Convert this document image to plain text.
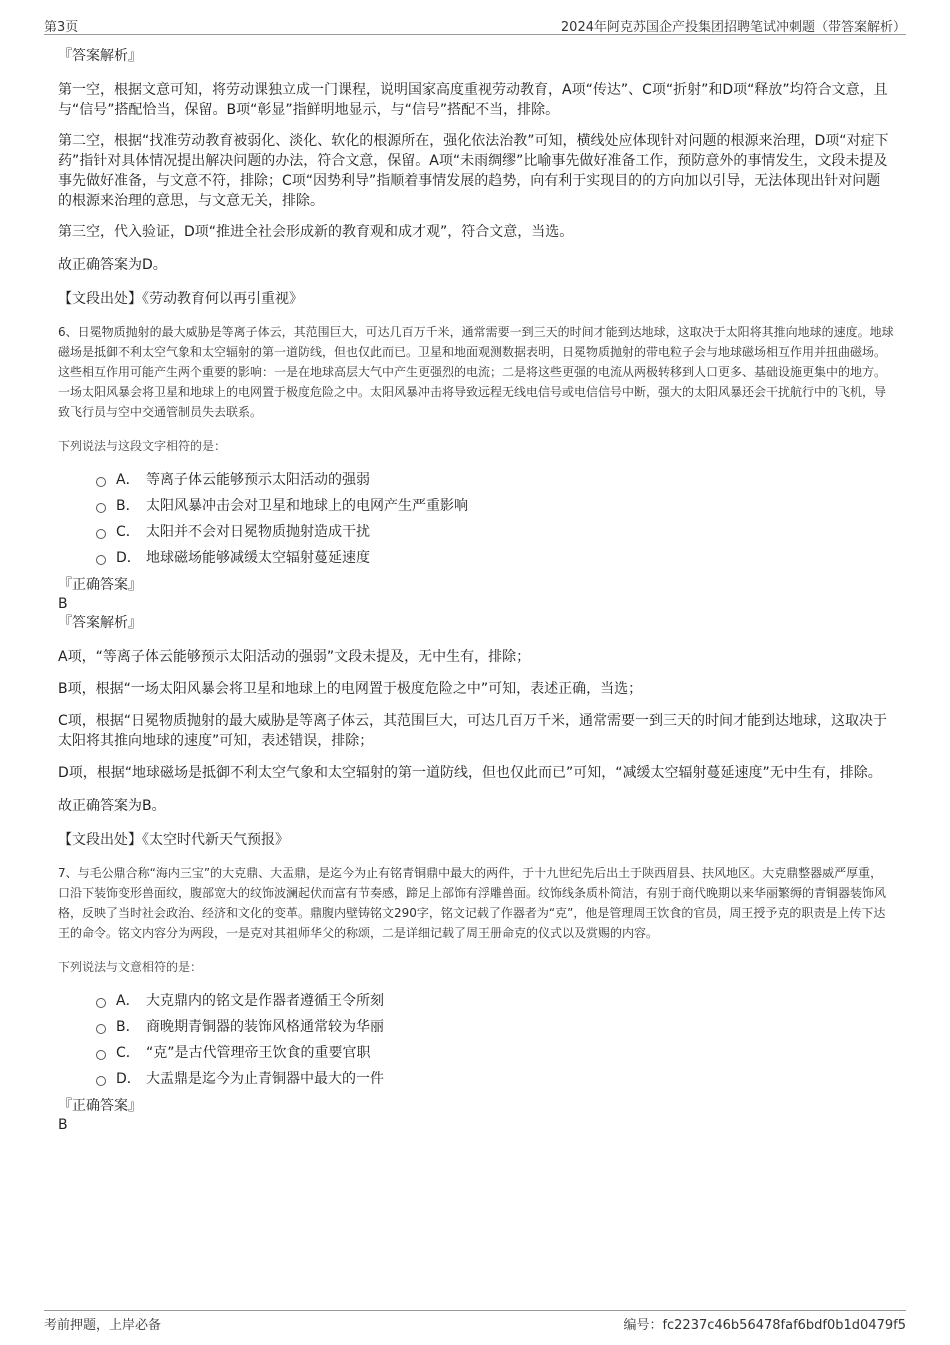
第3页	2024年阿克苏国企产投集团招聘笔试冲刺题（带答案解析）

『答案解析』

第一空，根据文意可知，将劳动课独立成一门课程，说明国家高度重视劳动教育，A项“传达”、C项“折射”和D项“释放”均符合文意，且与“信号”搭配恰当，保留。B项“彰显”指鲜明地显示，与“信号”搭配不当，排除。

第二空，根据“找准劳动教育被弱化、淡化、软化的根源所在，强化依法治教”可知，横线处应体现针对问题的根源来治理，D项“对症下药”指针对具体情况提出解决问题的办法，符合文意，保留。A项“未雨绸缪”比喻事先做好准备工作，预防意外的事情发生，文段未提及事先做好准备，与文意不符，排除；C项“因势利导”指顺着事情发展的趋势，向有利于实现目的的方向加以引导，无法体现出针对问题的根源来治理的意思，与文意无关，排除。

第三空，代入验证，D项“推进全社会形成新的教育观和成才观”，符合文意，当选。

故正确答案为D。

【文段出处】《劳动教育何以再引重视》

6、日冕物质抛射的最大威胁是等离子体云，其范围巨大，可达几百万千米，通常需要一到三天的时间才能到达地球，这取决于太阳将其推向地球的速度。地球磁场是抵御不利太空气象和太空辐射的第一道防线，但也仅此而已。卫星和地面观测数据表明，日冕物质抛射的带电粒子会与地球磁场相互作用并扭曲磁场。这些相互作用可能产生两个重要的影响：一是在地球高层大气中产生更强烈的电流；二是将这些更强的电流从两极转移到人口更多、基础设施更集中的地方。一场太阳风暴会将卫星和地球上的电网置于极度危险之中。太阳风暴冲击将导致远程无线电信号或电信信号中断，强大的太阳风暴还会干扰航行中的飞机，导致飞行员与空中交通管制员失去联系。

下列说法与这段文字相符的是：

A． 等离子体云能够预示太阳活动的强弱
B． 太阳风暴冲击会对卫星和地球上的电网产生严重影响
C． 太阳并不会对日冕物质抛射造成干扰
D． 地球磁场能够减缓太空辐射蔓延速度

『正确答案』

B

『答案解析』

A项，“等离子体云能够预示太阳活动的强弱”文段未提及，无中生有，排除；

B项，根据“一场太阳风暴会将卫星和地球上的电网置于极度危险之中”可知，表述正确，当选；

C项，根据“日冕物质抛射的最大威胁是等离子体云，其范围巨大，可达几百万千米，通常需要一到三天的时间才能到达地球，这取决于太阳将其推向地球的速度”可知，表述错误，排除；

D项，根据“地球磁场是抵御不利太空气象和太空辐射的第一道防线，但也仅此而已”可知，“减缓太空辐射蔓延速度”无中生有，排除。

故正确答案为B。

【文段出处】《太空时代新天气预报》

7、与毛公鼎合称“海内三宝”的大克鼎、大盂鼎，是迄今为止有铭青铜鼎中最大的两件，于十九世纪先后出土于陕西眉县、扶风地区。大克鼎整器威严厚重，口沿下装饰变形兽面纹，腹部宽大的纹饰波澜起伏而富有节奏感，蹄足上部饰有浮雕兽面。纹饰线条质朴简洁，有别于商代晚期以来华丽繁缛的青铜器装饰风格，反映了当时社会政治、经济和文化的变革。鼎腹内壁铸铭文290字，铭文记载了作器者为“克”，他是管理周王饮食的官员，周王授予克的职责是上传下达王的命令。铭文内容分为两段，一是克对其祖师华父的称颂，二是详细记载了周王册命克的仪式以及赏赐的内容。

下列说法与文意相符的是：

A． 大克鼎内的铭文是作器者遵循王令所刻
B． 商晚期青铜器的装饰风格通常较为华丽
C． “克”是古代管理帝王饮食的重要官职
D． 大盂鼎是迄今为止青铜器中最大的一件

『正确答案』

B

考前押题，上岸必备	编号：fc2237c46b56478faf6bdf0b1d0479f5
